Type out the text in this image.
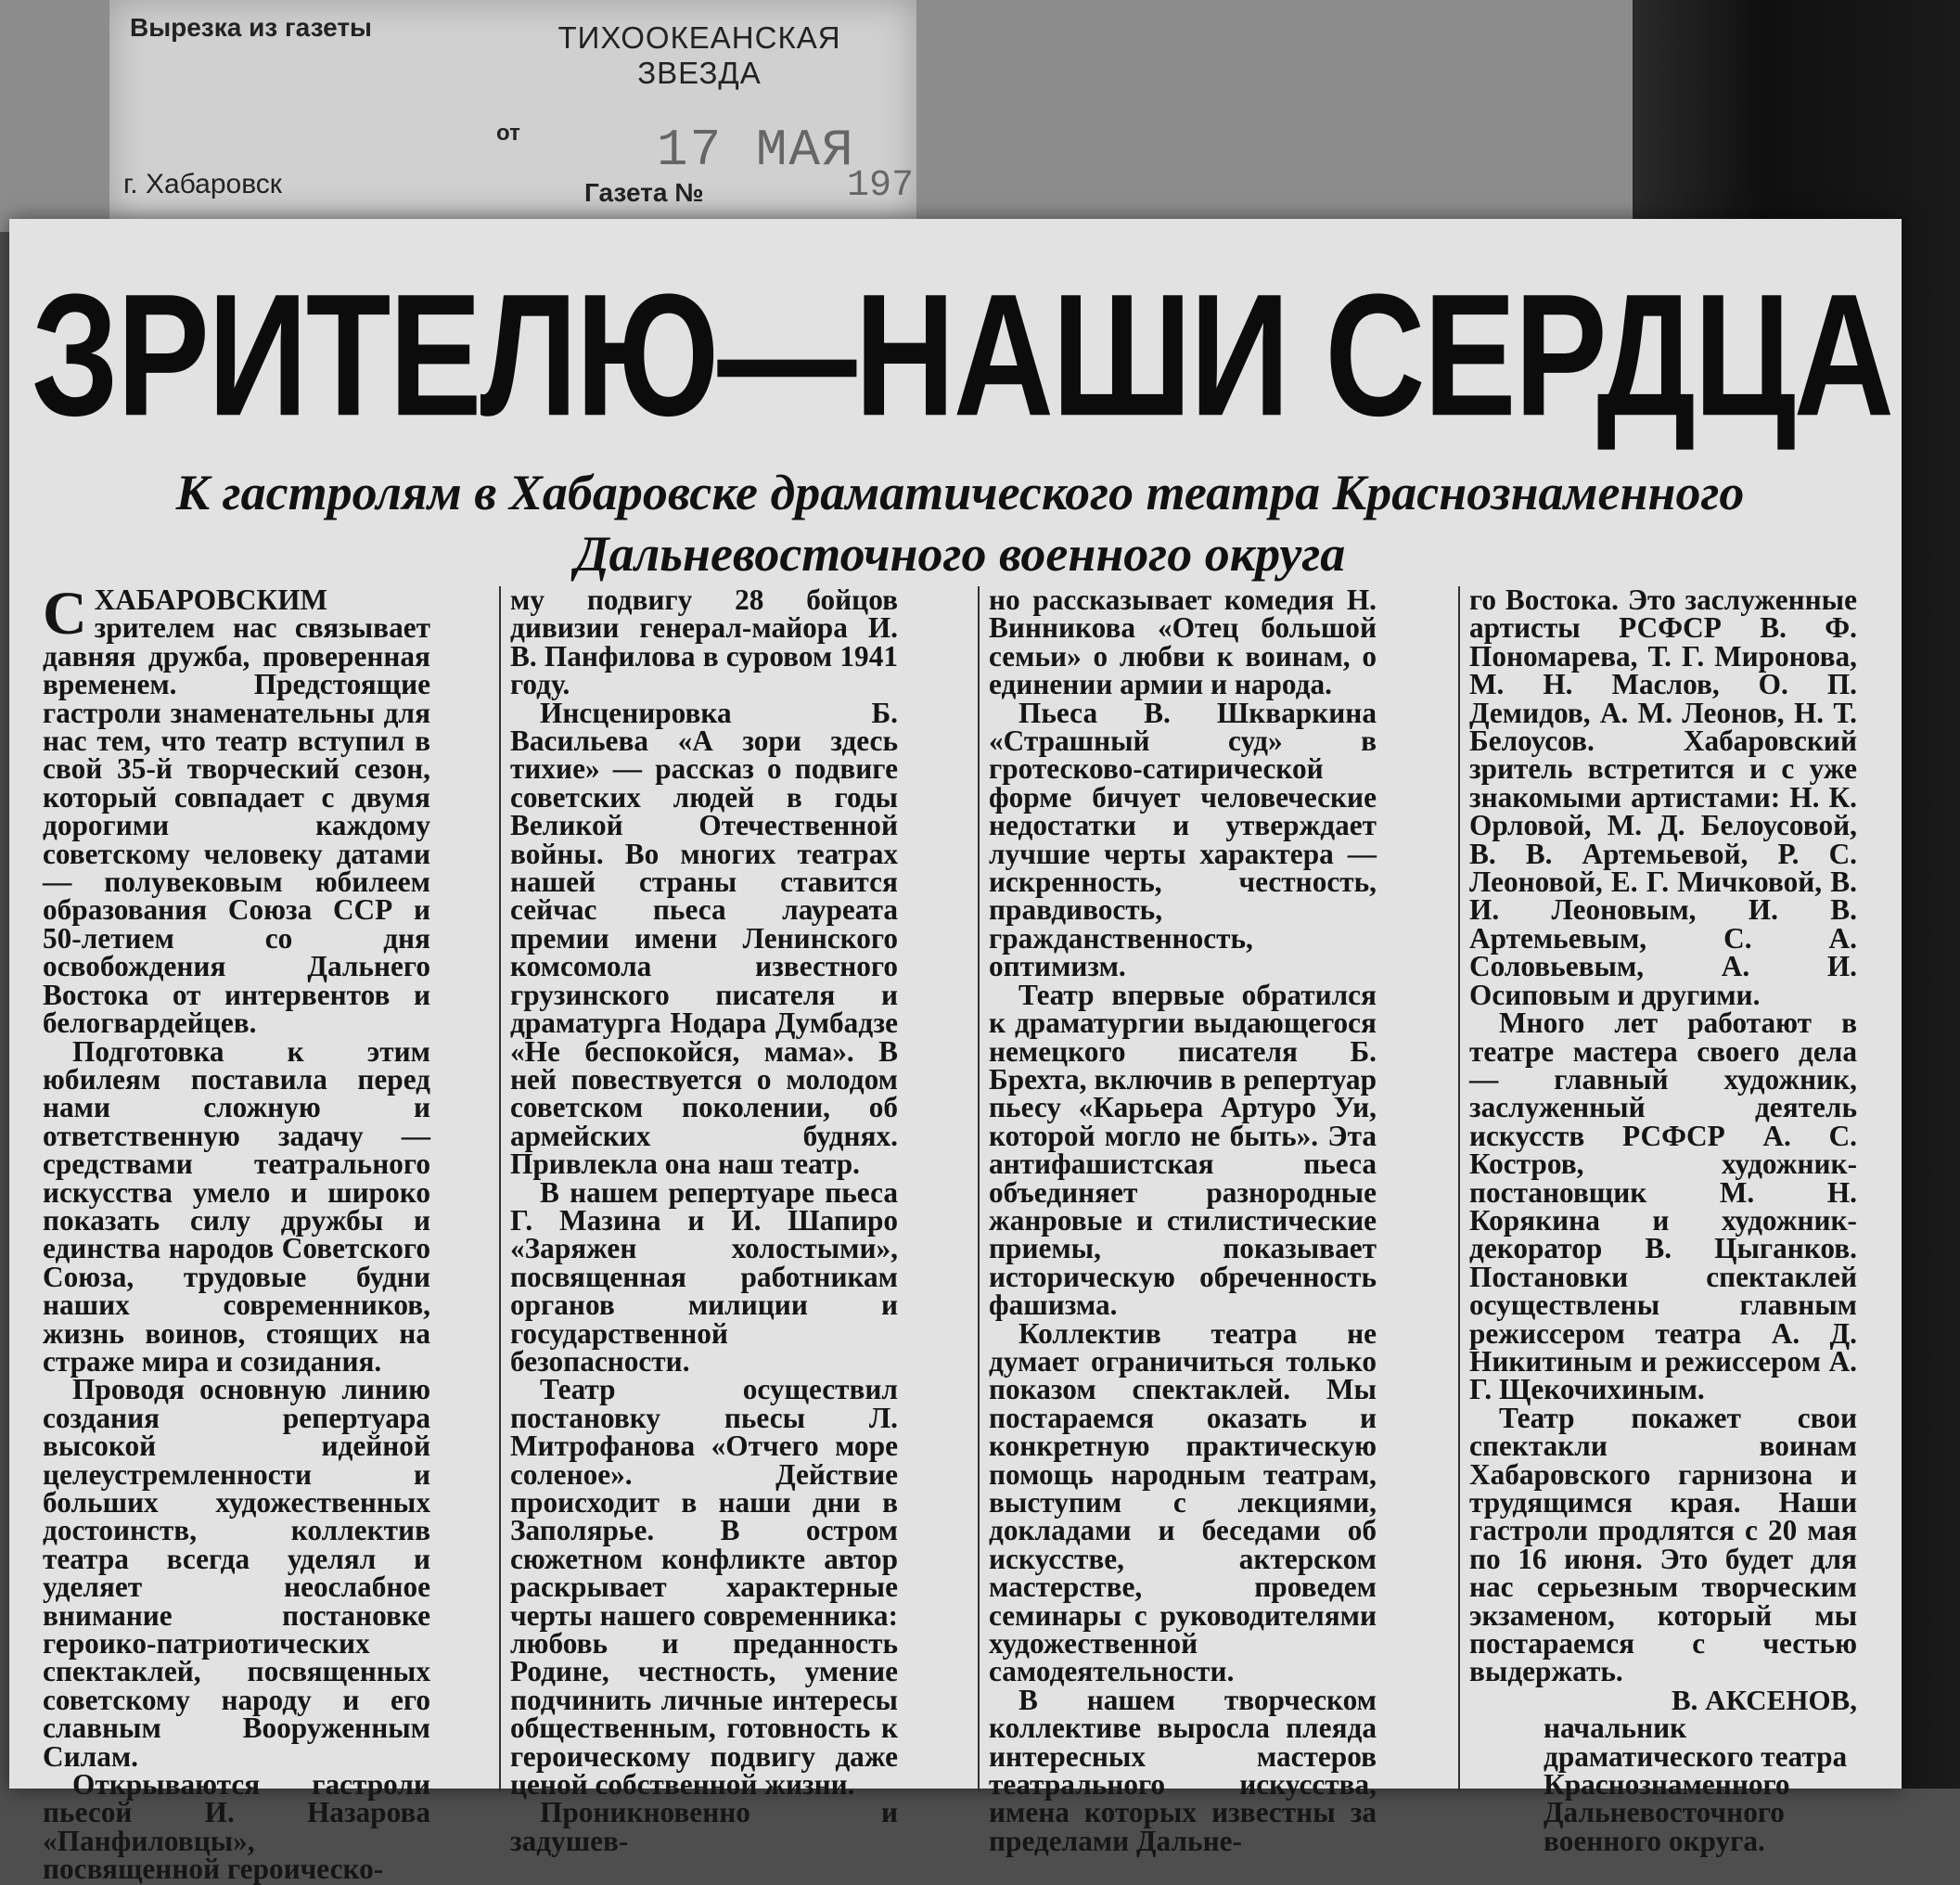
Вырезка из газеты	ТИХООКЕАНСКАЯ ЗВЕЗДА
от	17 МАЯ
г. Хабаровск	Газета №	197
ЗРИТЕЛЮ—НАШИ СЕРДЦА
К гастролям в Хабаровске драматического театра Краснознаменного Дальневосточного военного округа

СХАБАРОВСКИМ зрителем нас связывает давняя дружба, проверенная временем. Предстоящие гастроли знаменательны для нас тем, что театр вступил в свой 35-й творческий сезон, который совпадает с двумя дорогими каждому советскому человеку датами — полувековым юбилеем образования Союза ССР и 50-летием со дня освобождения Дальнего Востока от интервентов и белогвардейцев.

Подготовка к этим юбилеям поставила перед нами сложную и ответственную задачу — средствами театрального искусства умело и широко показать силу дружбы и единства народов Советского Союза, трудовые будни наших современников, жизнь воинов, стоящих на страже мира и созидания.

Проводя основную линию создания репертуара высокой идейной целеустремленности и больших художественных достоинств, коллектив театра всегда уделял и уделяет неослабное внимание постановке героико-патриотических спектаклей, посвященных советскому народу и его славным Вооруженным Силам.

Открываются гастроли пьесой И. Назарова «Панфиловцы», посвященной героическо-

му подвигу 28 бойцов дивизии генерал-майора И. В. Панфилова в суровом 1941 году.

Инсценировка Б. Васильева «А зори здесь тихие» — рассказ о подвиге советских людей в годы Великой Отечественной войны. Во многих театрах нашей страны ставится сейчас пьеса лауреата премии имени Ленинского комсомола известного грузинского писателя и драматурга Нодара Думбадзе «Не беспокойся, мама». В ней повествуется о молодом советском поколении, об армейских буднях. Привлекла она наш театр.

В нашем репертуаре пьеса Г. Мазина и И. Шапиро «Заряжен холостыми», посвященная работникам органов милиции и государственной безопасности.

Театр осуществил постановку пьесы Л. Митрофанова «Отчего море соленое». Действие происходит в наши дни в Заполярье. В остром сюжетном конфликте автор раскрывает характерные черты нашего современника: любовь и преданность Родине, честность, умение подчинить личные интересы общественным, готовность к героическому подвигу даже ценой собственной жизни.

Проникновенно и задушев-

но рассказывает комедия Н. Винникова «Отец большой семьи» о любви к воинам, о единении армии и народа.

Пьеса В. Шкваркина «Страшный суд» в гротесково-сатирической форме бичует человеческие недостатки и утверждает лучшие черты характера — искренность, честность, правдивость, гражданственность, оптимизм.

Театр впервые обратился к драматургии выдающегося немецкого писателя Б. Брехта, включив в репертуар пьесу «Карьера Артуро Уи, которой могло не быть». Эта антифашистская пьеса объединяет разнородные жанровые и стилистические приемы, показывает историческую обреченность фашизма.

Коллектив театра не думает ограничиться только показом спектаклей. Мы постараемся оказать и конкретную практическую помощь народным театрам, выступим с лекциями, докладами и беседами об искусстве, актерском мастерстве, проведем семинары с руководителями художественной самодеятельности.

В нашем творческом коллективе выросла плеяда интересных мастеров театрального искусства, имена которых известны за пределами Дальне-

го Востока. Это заслуженные артисты РСФСР В. Ф. Пономарева, Т. Г. Миронова, М. Н. Маслов, О. П. Демидов, А. М. Леонов, Н. Т. Белоусов. Хабаровский зритель встретится и с уже знакомыми артистами: Н. К. Орловой, М. Д. Белоусовой, В. В. Артемьевой, Р. С. Леоновой, Е. Г. Мичковой, В. И. Леоновым, И. В. Артемьевым, С. А. Соловьевым, А. И. Осиповым и другими.

Много лет работают в театре мастера своего дела — главный художник, заслуженный деятель искусств РСФСР А. С. Костров, художник-постановщик М. Н. Корякина и художник-декоратор В. Цыганков. Постановки спектаклей осуществлены главным режиссером театра А. Д. Никитиным и режиссером А. Г. Щекочихиным.

Театр покажет свои спектакли воинам Хабаровского гарнизона и трудящимся края. Наши гастроли продлятся с 20 мая по 16 июня. Это будет для нас серьезным творческим экзаменом, который мы постараемся с честью выдержать.

В. АКСЕНОВ,

начальник драматического театра Краснознаменного Дальневосточного военного округа.
